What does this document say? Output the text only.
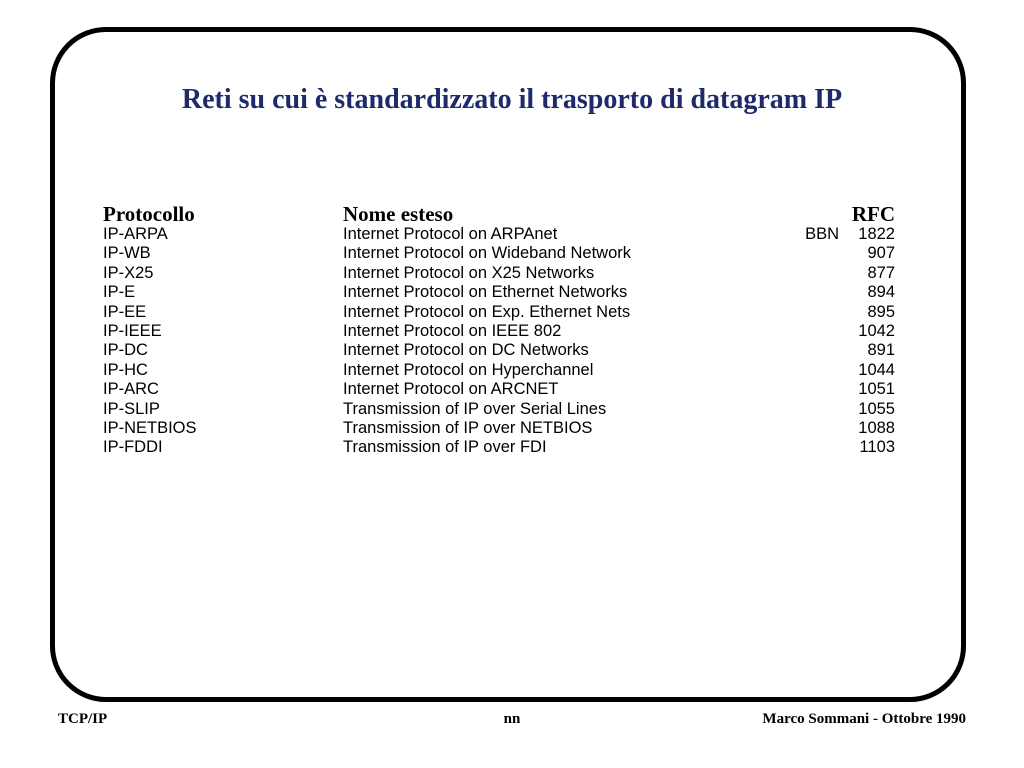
Reti su cui è standardizzato il trasporto di datagram IP
Protocollo	Nome esteso	RFC
IP-ARPA	Internet Protocol on ARPAnet	BBN 1822
IP-WB	Internet Protocol on Wideband Network	907
IP-X25	Internet Protocol on X25 Networks	877
IP-E	Internet Protocol on Ethernet Networks	894
IP-EE	Internet Protocol on Exp. Ethernet Nets	895
IP-IEEE	Internet Protocol on IEEE 802	1042
IP-DC	Internet Protocol on DC Networks	891
IP-HC	Internet Protocol on Hyperchannel	1044
IP-ARC	Internet Protocol on ARCNET	1051
IP-SLIP	Transmission of IP over Serial Lines	1055
IP-NETBIOS	Transmission of IP over NETBIOS	1088
IP-FDDI	Transmission of IP over FDI	1103
TCP/IP	nn	Marco Sommani - Ottobre 1990
